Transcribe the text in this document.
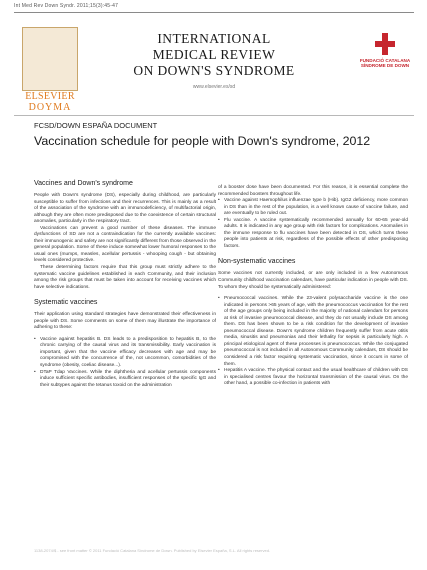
Int Med Rev Down Syndr. 2011;15(3):45-47
ELSEVIER
DOYMA
INTERNATIONAL
MEDICAL REVIEW
ON DOWN'S SYNDROME
www.elsevier.es/sd
FUNDACIÓ CATALANA
SÍNDROME DE DOWN
FCSD/DOWN ESPAÑA DOCUMENT
Vaccination schedule for people with Down's syndrome, 2012
Vaccines and Down's syndrome

People with Down's syndrome (DS), especially during childhood, are particularly susceptible to suffer from infections and their recurrences. This is mainly as a result of the association of the syndrome with an immunodeficiency, of multifactorial origin, although they are often more predisposed due to the coexistence of certain structural anomalies, particularly in the respiratory tract.

Vaccinations can prevent a good number of these diseases. The immune dysfunctions of SD are not a contraindication for the currently available vaccines: their immunogenic and safety are not significantly different from those observed in the general population. Some of these induce somewhat lower humoral responses to the usual ones (mumps, measles, acellular pertussis - whooping cough - but obtaining levels considered protective.

These determining factors require that this group must strictly adhere to the systematic vaccine guidelines established in each Community, and their inclusion among the risk groups that must be taken into account for receiving vaccines which have selective indications.

Systematic vaccines

Their application using standard strategies have demonstrated their effectiveness in people with DS. Some comments on some of them may illustrate the importance of adhering to these:

• Vaccine against hepatitis B. DS leads to a predisposition to hepatitis B, to the chronic carrying of the causal virus and its transmissibility. Early vaccination is important, given that the vaccine efficacy decreases with age and may be compromised with the concurrence of the, not uncommon, comorbidities of the syndrome (obesity, coeliac disease...).
• DTaP Tdap Vaccines. While the diphtheria and acellular pertussis components induce sufficient specific antibodies, insufficient responses of the specific IgG and their subtypes against the tetanus toxoid on the administration

of a booster dose have been documented. For this reason, it is essential complete the recommended boosters throughout life.

• Vaccine against Haemophilus influenzae type b (Hib). IgG2 deficiency, more common in DS than in the rest of the population, is a well known cause of vaccine failure, and are eventually to be ruled out.
• Flu vaccine. A vaccine systematically recommended annually for 60-65 year-old adults. It is indicated in any age group with risk factors for complications. Anomalies in the immune response to flu vaccines have been detected in DS, which turns these people into patients at risk, regardless of the possible effects of other predisposing factors.
Non-systematic vaccines

Some vaccines not currently included, or are only included in a few Autonomous Community childhood vaccination calendars, have particular indication in people with DS. To whom they should be systematically administered:

• Pneumococcal vaccines. While the 23-valent polysaccharide vaccine is the one indicated in persons >65 years of age, with the pneumococcus vaccination for the rest of the age groups only being included in the majority of national calendars for persons at risk of invasive pneumococcal disease, and they do not usually include DS among them. DS has been shown to be a risk condition for the development of invasive pneumococcal disease. Down's syndrome children frequently suffer from acute otitis media, sinusitis and pneumonias and their lethality for sepsis is particularly high. A principal etiological agent of these processes is pneumococcus. While the conjugated pneumococcal is not included in all Autonomous Community calendars, DS should be considered a risk factor requiring systematic vaccination, since it occurs in some of them.
• Hepatitis A vaccine. The physical contact and the usual healthcare of children with DS in specialised centres favour the horizontal transmission of the causal virus. On the other hand, a possible co-infection in patients with
1138-2074/$ - see front matter © 2011 Fundació Catalana Síndrome de Down. Published by Elsevier España, S.L. All rights reserved.
